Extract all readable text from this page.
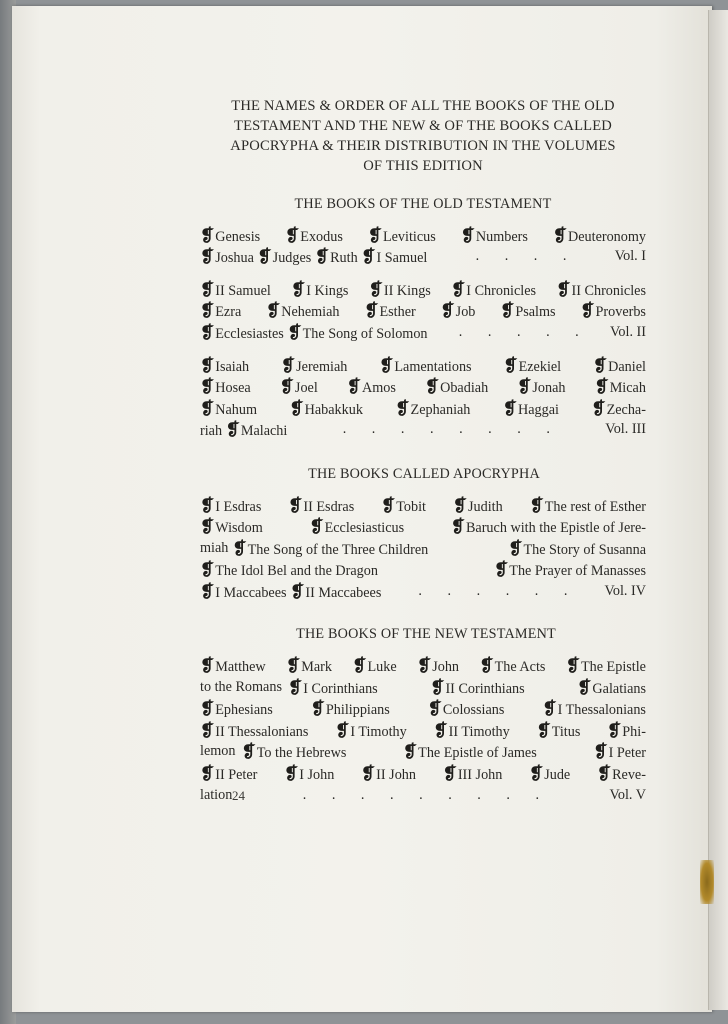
THE NAMES & ORDER OF ALL THE BOOKS OF THE OLD
TESTAMENT AND THE NEW & OF THE BOOKS CALLED
APOCRYPHA & THEIR DISTRIBUTION IN THE VOLUMES
OF THIS EDITION
THE BOOKS OF THE OLD TESTAMENT
❡Genesis ❡Exodus ❡Leviticus ❡Numbers ❡Deuteronomy
❡Joshua ❡Judges ❡Ruth ❡I Samuel	. . . .	Vol. I
❡II Samuel ❡I Kings ❡II Kings ❡I Chronicles ❡II Chronicles
❡Ezra ❡Nehemiah ❡Esther ❡Job ❡Psalms ❡Proverbs
❡Ecclesiastes ❡The Song of Solomon	. . . . .	Vol. II
❡Isaiah ❡Jeremiah ❡Lamentations ❡Ezekiel ❡Daniel
❡Hosea ❡Joel ❡Amos ❡Obadiah ❡Jonah ❡Micah
❡Nahum ❡Habakkuk ❡Zephaniah ❡Haggai ❡Zecha-
riah ❡Malachi	. . . . . . . .	Vol. III
THE BOOKS CALLED APOCRYPHA
❡I Esdras ❡II Esdras ❡Tobit ❡Judith ❡The rest of Esther
❡Wisdom	❡Ecclesiasticus	❡Baruch with the Epistle of Jere-
miah ❡The Song of the Three Children	❡The Story of Susanna
❡The Idol Bel and the Dragon	❡The Prayer of Manasses
❡I Maccabees ❡II Maccabees	. . . . . .	Vol. IV
THE BOOKS OF THE NEW TESTAMENT
❡Matthew ❡Mark ❡Luke ❡John ❡The Acts ❡The Epistle
to the Romans ❡I Corinthians	❡II Corinthians	❡Galatians
❡Ephesians ❡Philippians ❡Colossians ❡I Thessalonians
❡II Thessalonians ❡I Timothy ❡II Timothy ❡Titus ❡Phi-
lemon ❡To the Hebrews	❡The Epistle of James	❡I Peter
❡II Peter ❡I John ❡II John ❡III John ❡Jude ❡Reve-
lation	. . . . . . . . .	Vol. V
24
